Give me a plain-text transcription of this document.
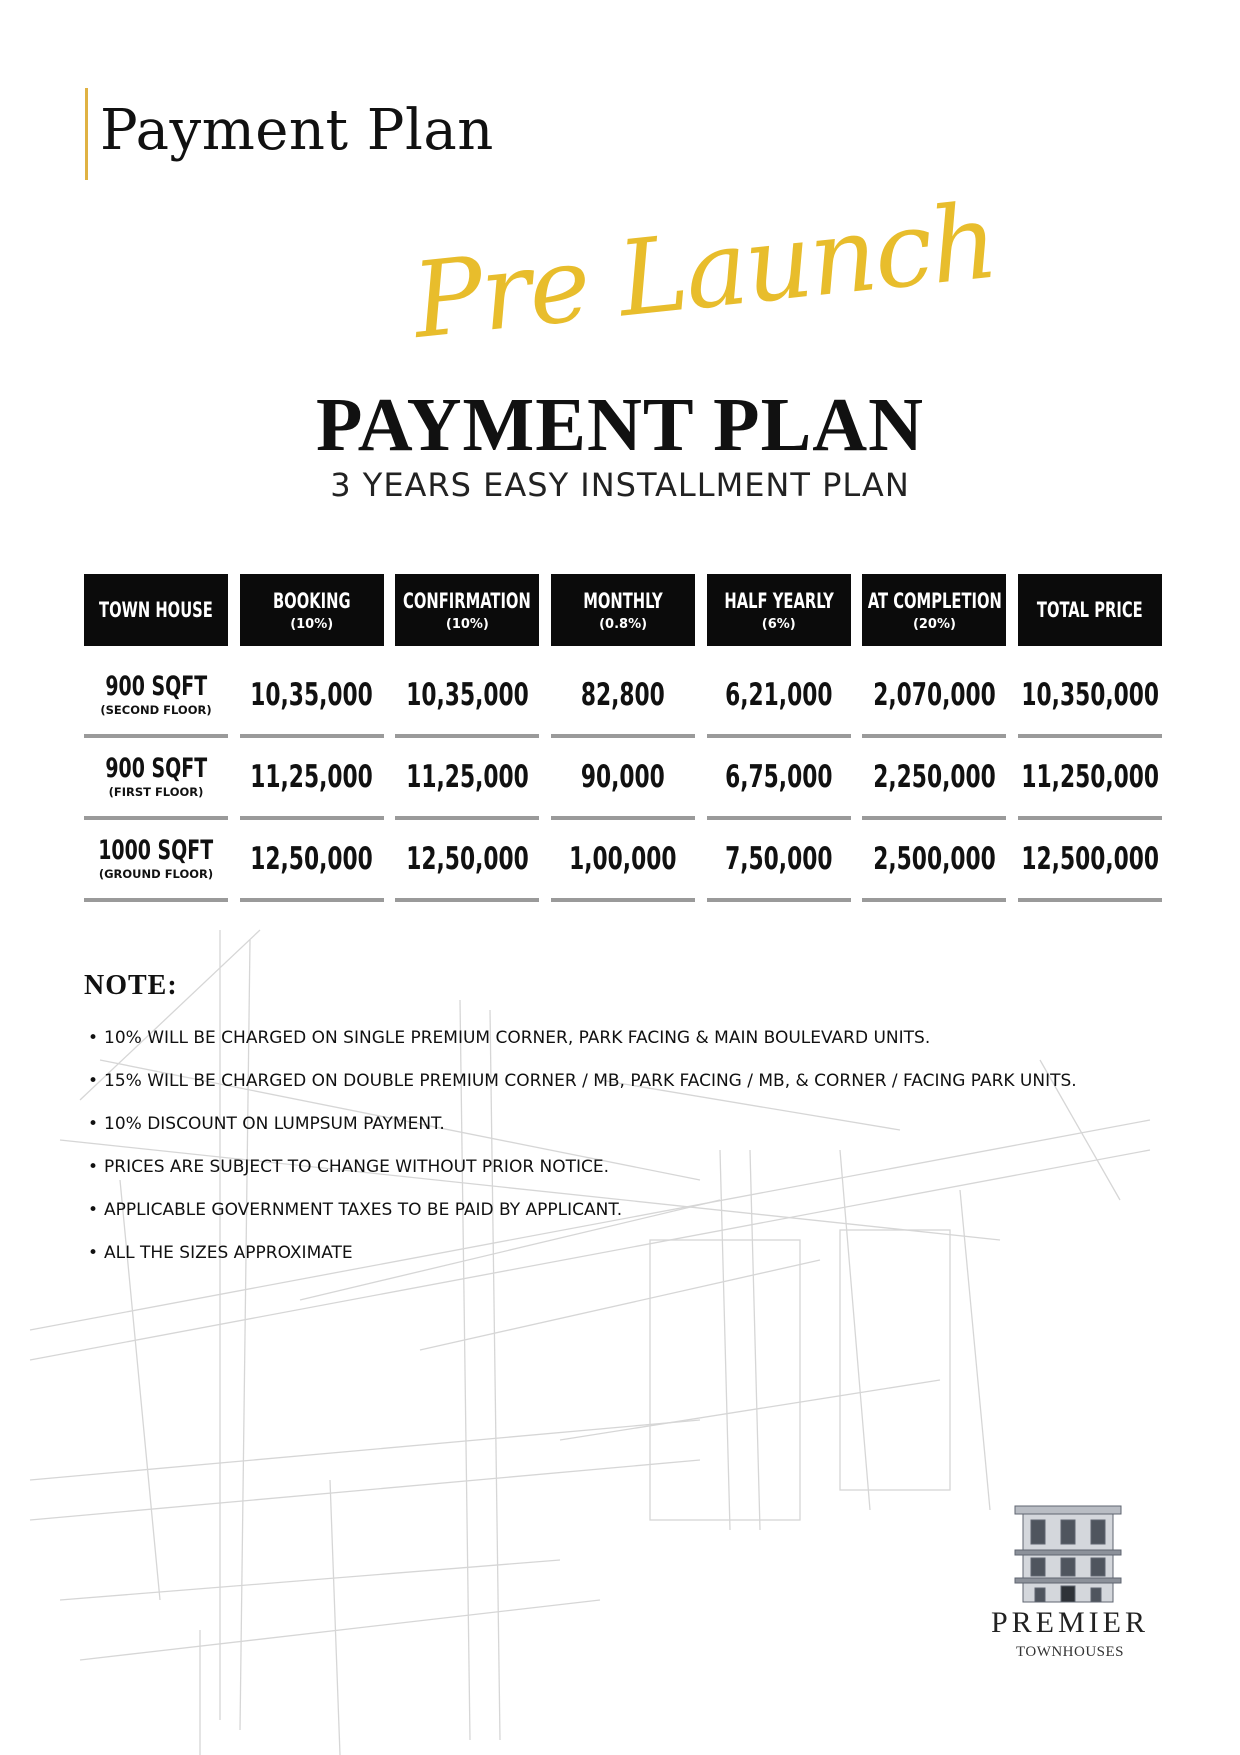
Payment Plan
Pre Launch
PAYMENT PLAN
3 YEARS EASY INSTALLMENT PLAN
TOWN HOUSE	BOOKING
(10%)
CONFIRMATION
(10%)
MONTHLY
(0.8%)
HALF YEARLY
(6%)
AT COMPLETION
(20%)
TOTAL PRICE
900 SQFT
(SECOND FLOOR) 10,35,000 10,35,000 82,800 6,21,000 2,070,000 10,350,000
900 SQFT
(FIRST FLOOR) 11,25,000 11,25,000 90,000 6,75,000 2,250,000 11,250,000
1000 SQFT
(GROUND FLOOR) 12,50,000 12,50,000 1,00,000 7,50,000 2,500,000 12,500,000
NOTE:
• 10% WILL BE CHARGED ON SINGLE PREMIUM CORNER, PARK FACING & MAIN BOULEVARD UNITS.
• 15% WILL BE CHARGED ON DOUBLE PREMIUM CORNER / MB, PARK FACING / MB, & CORNER / FACING PARK UNITS.
• 10% DISCOUNT ON LUMPSUM PAYMENT.
• PRICES ARE SUBJECT TO CHANGE WITHOUT PRIOR NOTICE.
• APPLICABLE GOVERNMENT TAXES TO BE PAID BY APPLICANT.
• ALL THE SIZES APPROXIMATE
PREMIER
TOWNHOUSES
